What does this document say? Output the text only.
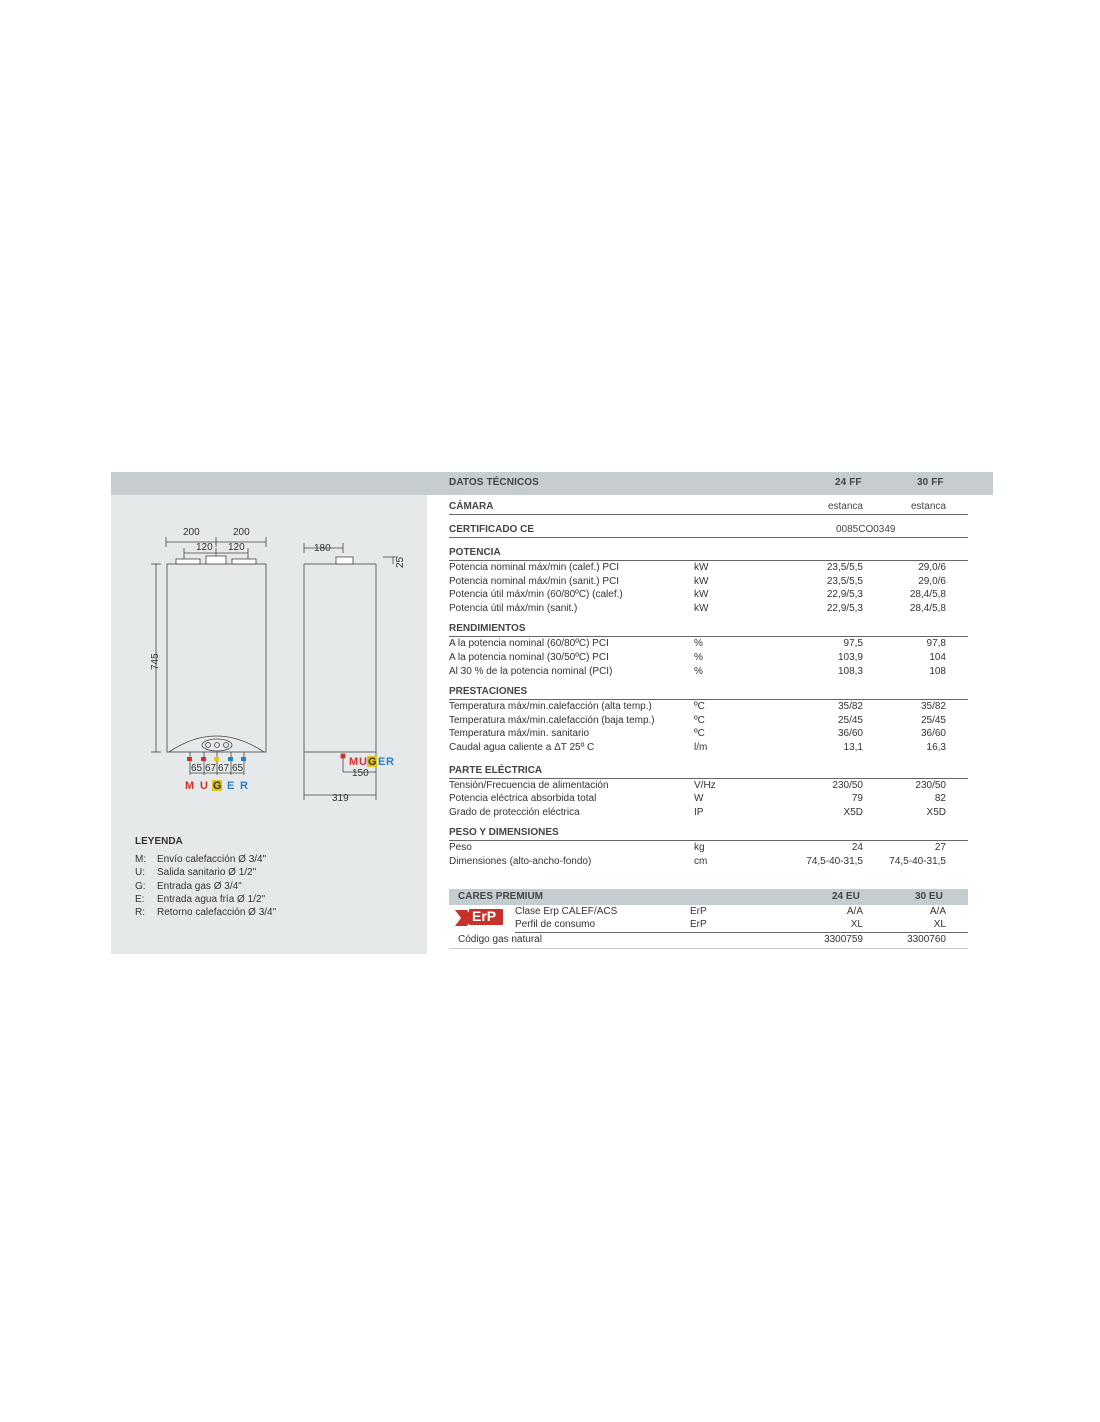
DATOS TÉCNICOS	24 FF	30 FF
200	200
120 120
745
180
25
150
319
65 67 67 65
M U G E R
M U G E R
LEYENDA
M: Envío calefacción Ø 3/4"
U: Salida sanitario Ø 1/2"
G: Entrada gas Ø 3/4"
E: Entrada agua fría Ø 1/2"
R: Retorno calefacción Ø 3/4"
CÁMARA	estanca	estanca
CERTIFICADO CE	0085CO0349
POTENCIA
Potencia nominal máx/min (calef.) PCI	kW	23,5/5,5	29,0/6
Potencia nominal máx/min (sanit.) PCI	kW	23,5/5,5	29,0/6
Potencia útil máx/min (60/80ºC) (calef.)	kW	22,9/5,3	28,4/5,8
Potencia útil máx/min (sanit.)	kW	22,9/5,3	28,4/5,8
RENDIMIENTOS
A la potencia nominal (60/80ºC) PCI	%	97,5	97,8
A la potencia nominal (30/50ºC) PCI	%	103,9	104
Al 30 % de la potencia nominal (PCI)	%	108,3	108
PRESTACIONES
Temperatura máx/min.calefacción (alta temp.)	ºC	35/82	35/82
Temperatura máx/min.calefacción (baja temp.)	ºC	25/45	25/45
Temperatura máx/min. sanitario	ºC	36/60	36/60
Caudal agua caliente a ΔT 25º C	l/m	13,1	16,3
PARTE ELÉCTRICA
Tensión/Frecuencia de alimentación	V/Hz	230/50	230/50
Potencia eléctrica absorbida total	W	79	82
Grado de protección eléctrica	IP	X5D	X5D
PESO Y DIMENSIONES
Peso	kg	24	27
Dimensiones (alto-ancho-fondo)	cm	74,5-40-31,5	74,5-40-31,5
CARES PREMIUM	24 EU	30 EU
ErP Clase Erp CALEF/ACS	ErP	A/A	A/A
Perfil de consumo	ErP	XL	XL
Código gas natural	3300759	3300760
